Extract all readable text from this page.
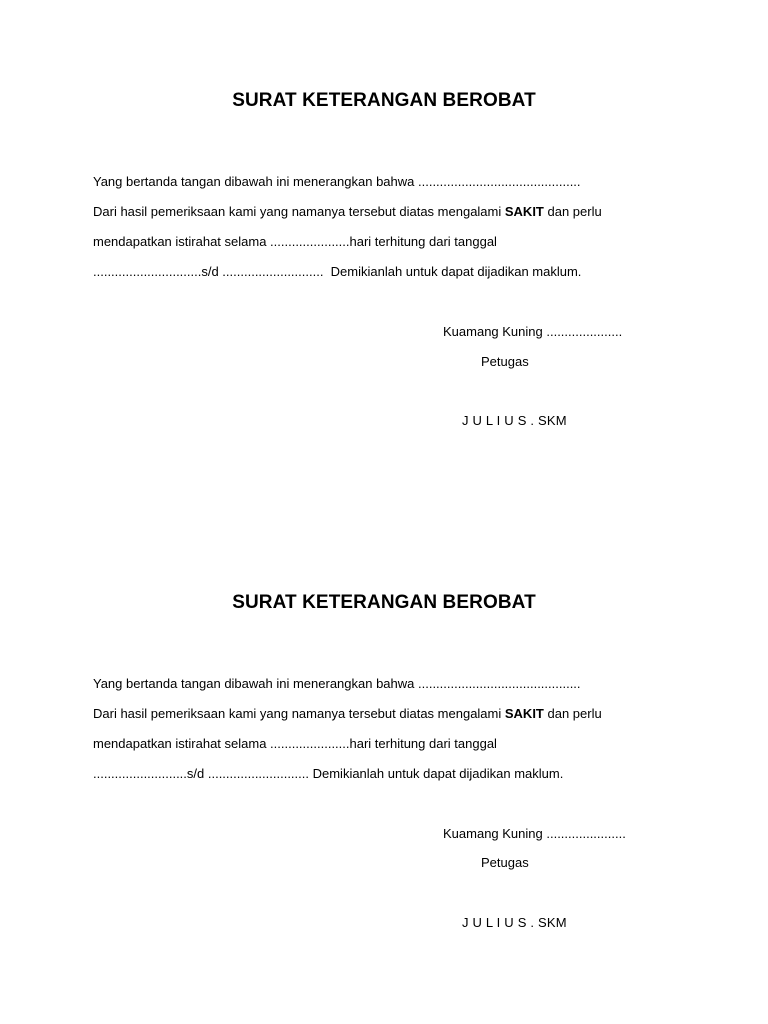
SURAT KETERANGAN BEROBAT
Yang bertanda tangan dibawah ini menerangkan bahwa .............................................
Dari hasil pemeriksaan kami yang namanya tersebut diatas mengalami SAKIT dan perlu
mendapatkan istirahat selama ......................hari terhitung dari tanggal
..............................s/d ............................  Demikianlah untuk dapat dijadikan maklum.
Kuamang Kuning .....................
Petugas
J U L I U S . SKM
SURAT KETERANGAN BEROBAT
Yang bertanda tangan dibawah ini menerangkan bahwa .............................................
Dari hasil pemeriksaan kami yang namanya tersebut diatas mengalami SAKIT dan perlu
mendapatkan istirahat selama ......................hari terhitung dari tanggal
..........................s/d ............................ Demikianlah untuk dapat dijadikan maklum.
Kuamang Kuning ......................
Petugas
J U L I U S . SKM
